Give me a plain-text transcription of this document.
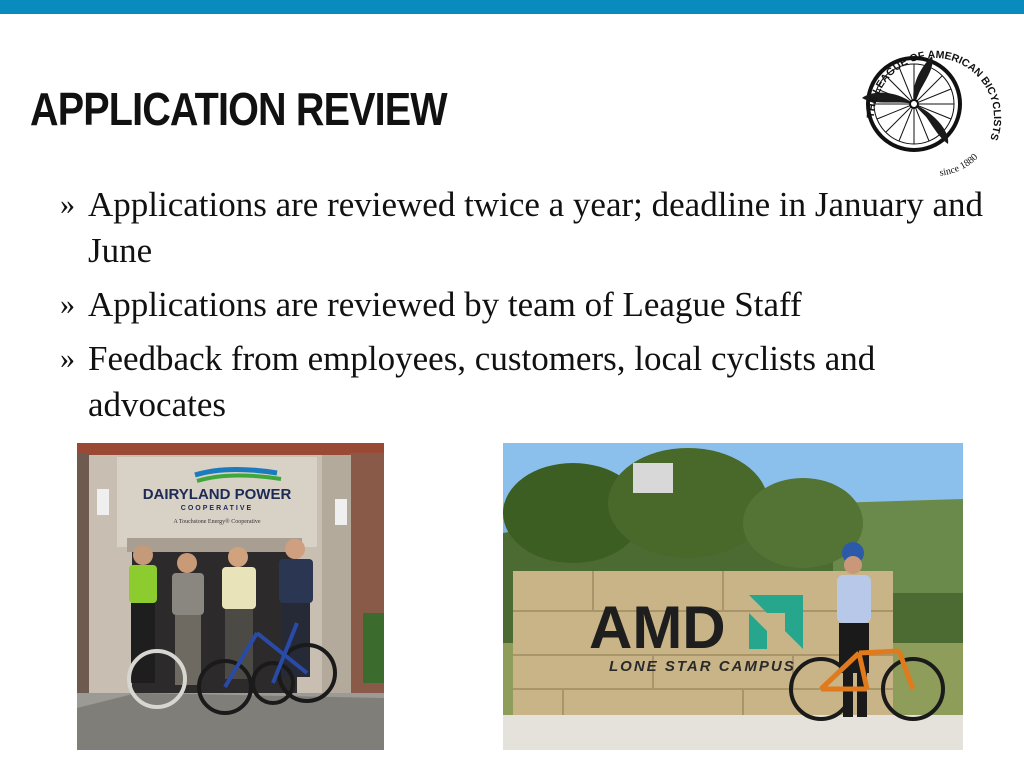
APPLICATION REVIEW	THE LEAGUE OF AMERICAN BICYCLISTS
since 1880
» Applications are reviewed twice a year; deadline in January and June
» Applications are reviewed by team of League Staff
» Feedback from employees, customers, local cyclists and advocates
DAIRYLAND POWER
COOPERATIVE
A Touchstone Energy® Cooperative
AMD
LONE STAR CAMPUS
